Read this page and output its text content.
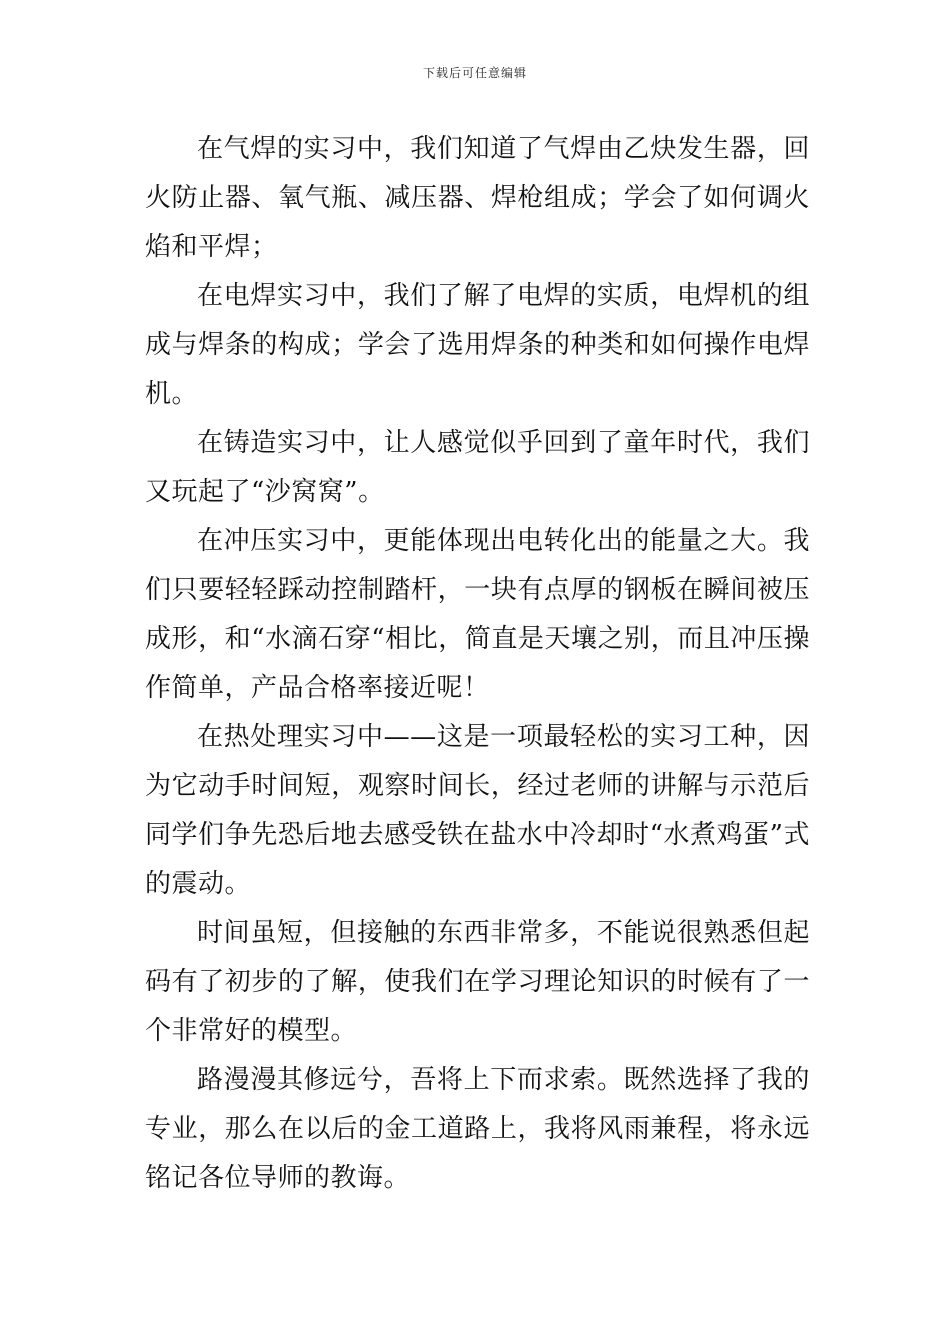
下载后可任意编辑

在气焊的实习中，我们知道了气焊由乙炔发生器，回火防止器、氧气瓶、减压器、焊枪组成；学会了如何调火焰和平焊；

在电焊实习中，我们了解了电焊的实质，电焊机的组成与焊条的构成；学会了选用焊条的种类和如何操作电焊机。

在铸造实习中，让人感觉似乎回到了童年时代，我们又玩起了“沙窝窝”。

在冲压实习中，更能体现出电转化出的能量之大。我们只要轻轻踩动控制踏杆，一块有点厚的钢板在瞬间被压成形，和“水滴石穿“相比，简直是天壤之别，而且冲压操作简单，产品合格率接近呢！

在热处理实习中——这是一项最轻松的实习工种，因为它动手时间短，观察时间长，经过老师的讲解与示范后同学们争先恐后地去感受铁在盐水中冷却时“水煮鸡蛋”式的震动。

时间虽短，但接触的东西非常多，不能说很熟悉但起码有了初步的了解，使我们在学习理论知识的时候有了一个非常好的模型。

路漫漫其修远兮，吾将上下而求索。既然选择了我的专业，那么在以后的金工道路上，我将风雨兼程，将永远铭记各位导师的教诲。
